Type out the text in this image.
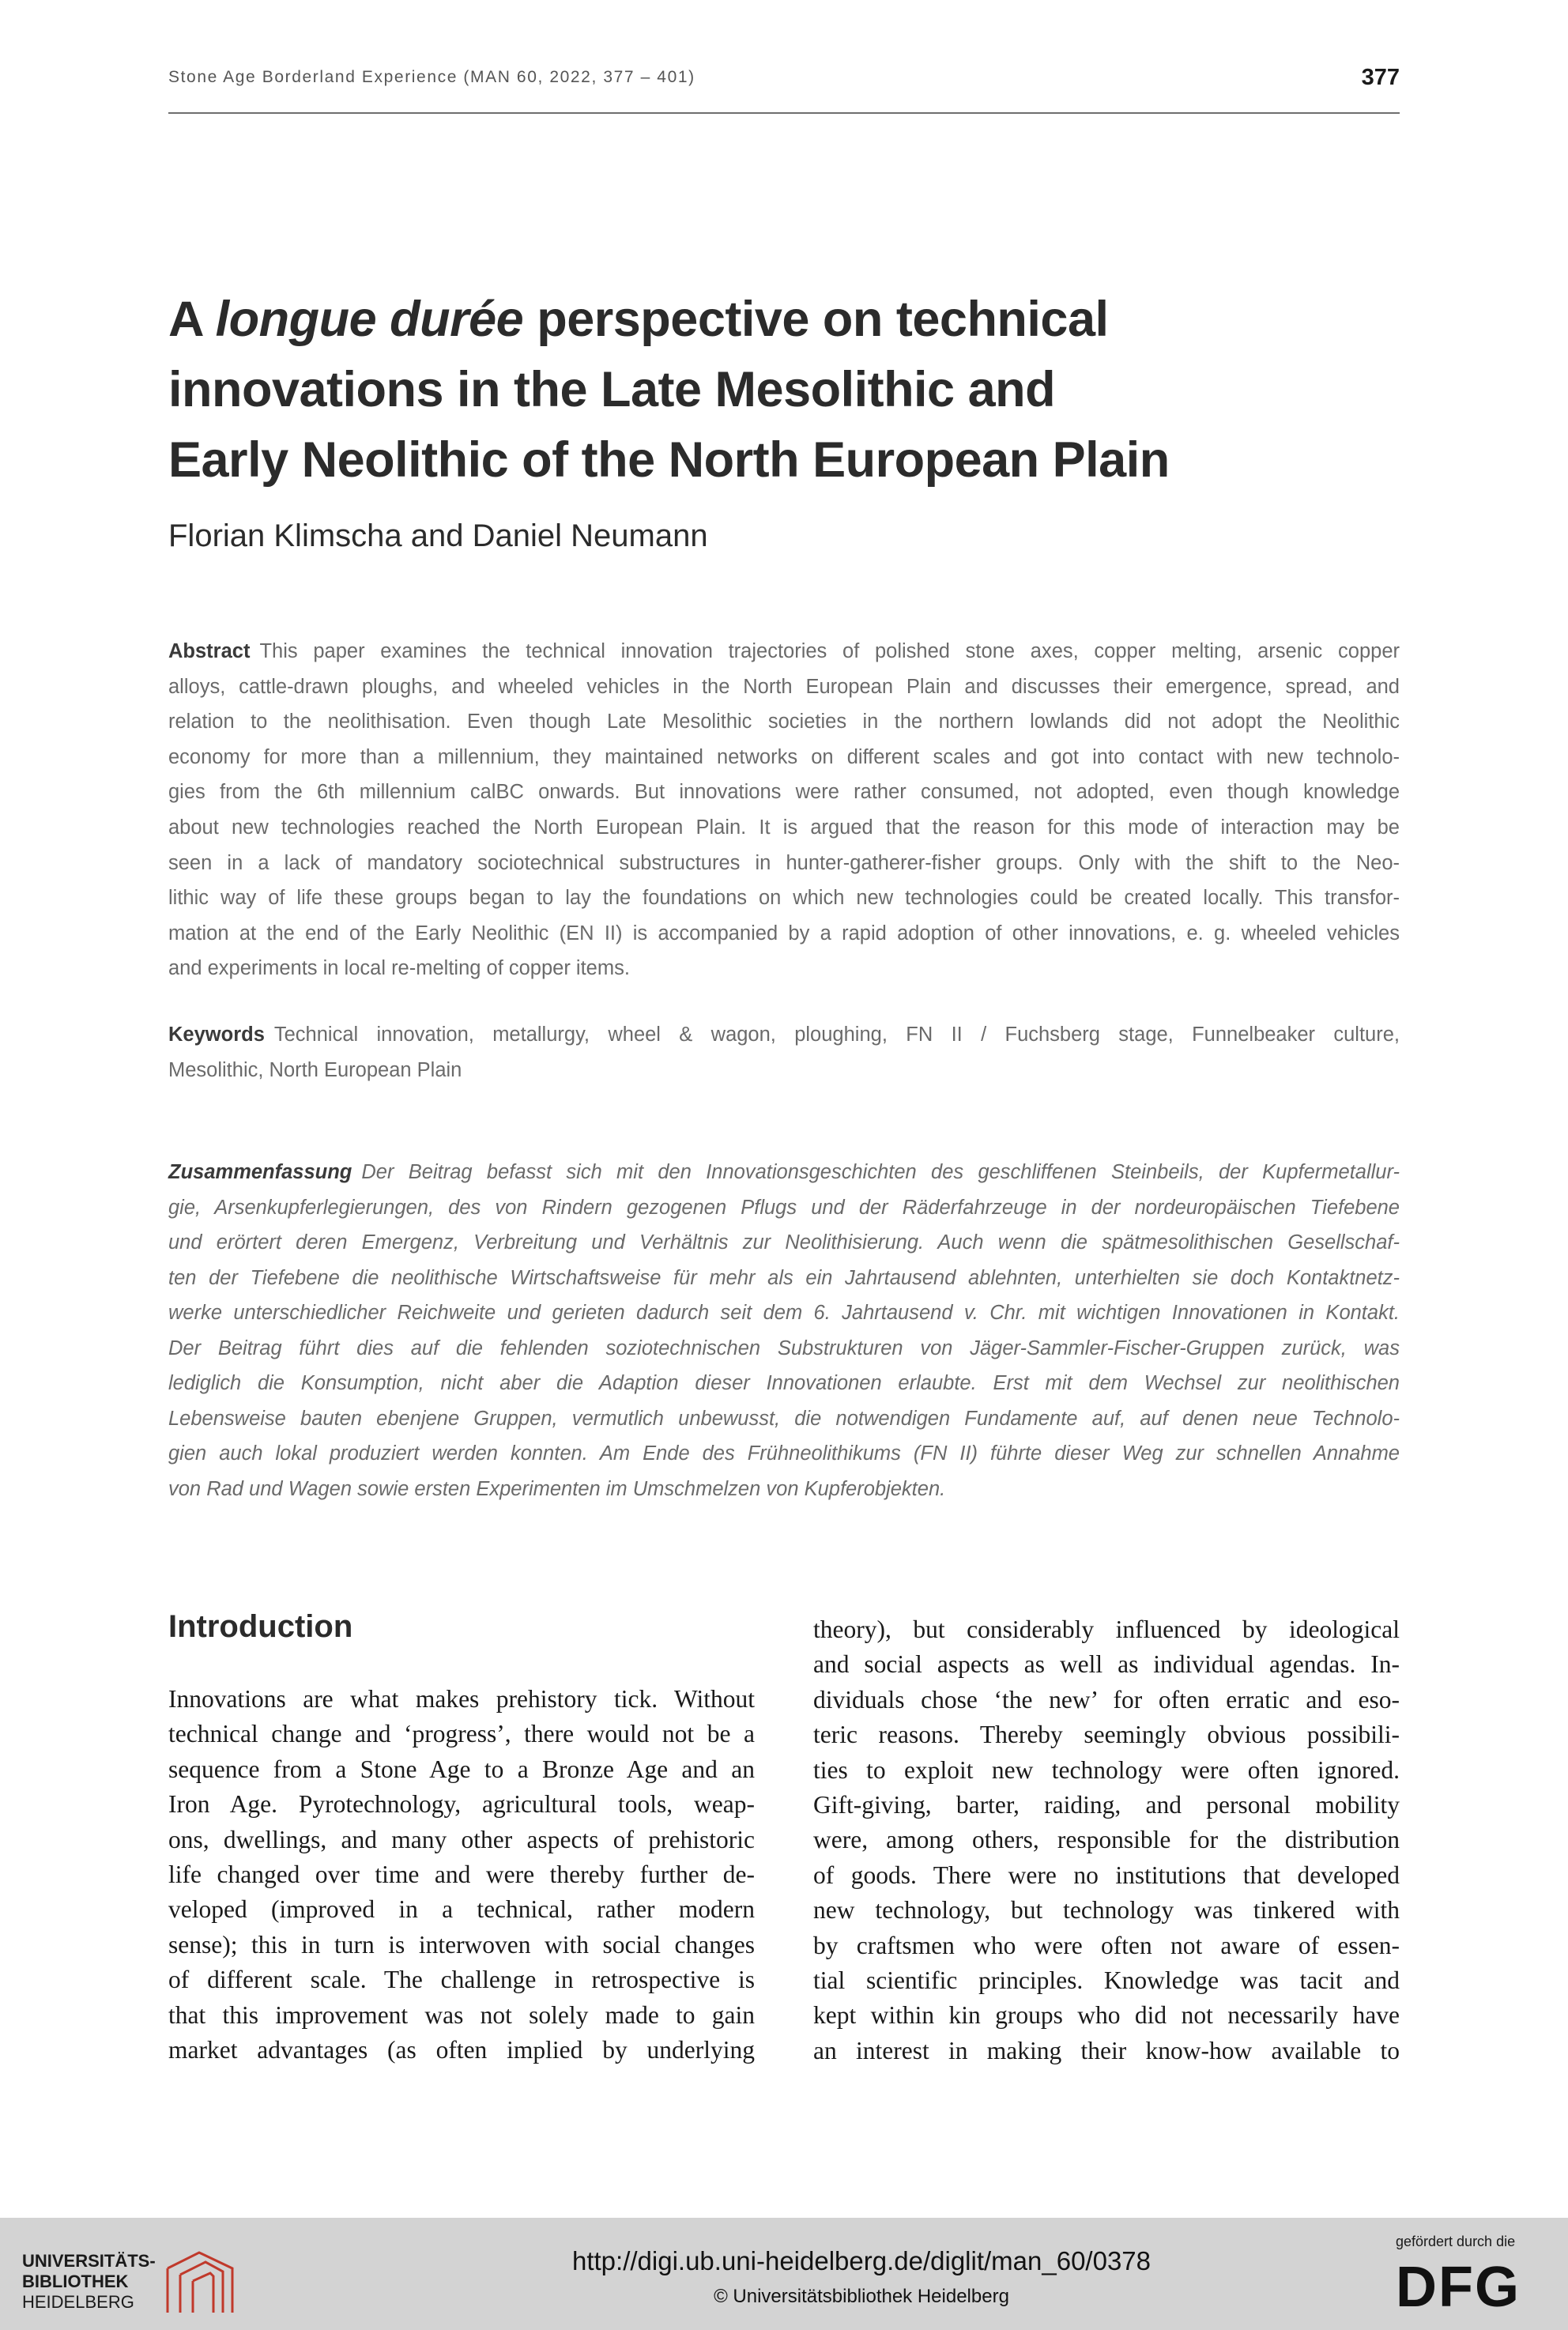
Stone Age Borderland Experience (MAN 60, 2022, 377 – 401)	377
A longue durée perspective on technical
innovations in the Late Mesolithic and
Early Neolithic of the North European Plain
Florian Klimscha and Daniel Neumann
Abstract This paper examines the technical innovation trajectories of polished stone axes, copper melting, arsenic copper
alloys, cattle-drawn ploughs, and wheeled vehicles in the North European Plain and discusses their emergence, spread, and
relation to the neolithisation. Even though Late Mesolithic societies in the northern lowlands did not adopt the Neolithic
economy for more than a millennium, they maintained networks on different scales and got into contact with new technolo-
gies from the 6th millennium calBC onwards. But innovations were rather consumed, not adopted, even though knowledge
about new technologies reached the North European Plain. It is argued that the reason for this mode of interaction may be
seen in a lack of mandatory sociotechnical substructures in hunter-gatherer-fisher groups. Only with the shift to the Neo-
lithic way of life these groups began to lay the foundations on which new technologies could be created locally. This transfor-
mation at the end of the Early Neolithic (EN II) is accompanied by a rapid adoption of other innovations, e. g. wheeled vehicles
and experiments in local re-melting of copper items.
Keywords Technical innovation, metallurgy, wheel & wagon, ploughing, FN II / Fuchsberg stage, Funnelbeaker culture,
Mesolithic, North European Plain
Zusammenfassung Der Beitrag befasst sich mit den Innovationsgeschichten des geschliffenen Steinbeils, der Kupfermetallur-
gie, Arsenkupferlegierungen, des von Rindern gezogenen Pflugs und der Räderfahrzeuge in der nordeuropäischen Tiefebene
und erörtert deren Emergenz, Verbreitung und Verhältnis zur Neolithisierung. Auch wenn die spätmesolithischen Gesellschaf-
ten der Tiefebene die neolithische Wirtschaftsweise für mehr als ein Jahrtausend ablehnten, unterhielten sie doch Kontaktnetz-
werke unterschiedlicher Reichweite und gerieten dadurch seit dem 6. Jahrtausend v. Chr. mit wichtigen Innovationen in Kontakt.
Der Beitrag führt dies auf die fehlenden soziotechnischen Substrukturen von Jäger-Sammler-Fischer-Gruppen zurück, was
lediglich die Konsumption, nicht aber die Adaption dieser Innovationen erlaubte. Erst mit dem Wechsel zur neolithischen
Lebensweise bauten ebenjene Gruppen, vermutlich unbewusst, die notwendigen Fundamente auf, auf denen neue Technolo-
gien auch lokal produziert werden konnten. Am Ende des Frühneolithikums (FN II) führte dieser Weg zur schnellen Annahme
von Rad und Wagen sowie ersten Experimenten im Umschmelzen von Kupferobjekten.
Introduction
Innovations are what makes prehistory tick. Without
technical change and ‘progress’, there would not be a
sequence from a Stone Age to a Bronze Age and an
Iron Age. Pyrotechnology, agricultural tools, weap-
ons, dwellings, and many other aspects of prehistoric
life changed over time and were thereby further de-
veloped (improved in a technical, rather modern
sense); this in turn is interwoven with social changes
of different scale. The challenge in retrospective is
that this improvement was not solely made to gain
market advantages (as often implied by underlying
theory), but considerably influenced by ideological
and social aspects as well as individual agendas. In-
dividuals chose ‘the new’ for often erratic and eso-
teric reasons. Thereby seemingly obvious possibili-
ties to exploit new technology were often ignored.
Gift-giving, barter, raiding, and personal mobility
were, among others, responsible for the distribution
of goods. There were no institutions that developed
new technology, but technology was tinkered with
by craftsmen who were often not aware of essen-
tial scientific principles. Knowledge was tacit and
kept within kin groups who did not necessarily have
an interest in making their know-how available to
UNIVERSITÄTS-
BIBLIOTHEK
HEIDELBERG
http://digi.ub.uni-heidelberg.de/diglit/man_60/0378
© Universitätsbibliothek Heidelberg
gefördert durch die
DFG
